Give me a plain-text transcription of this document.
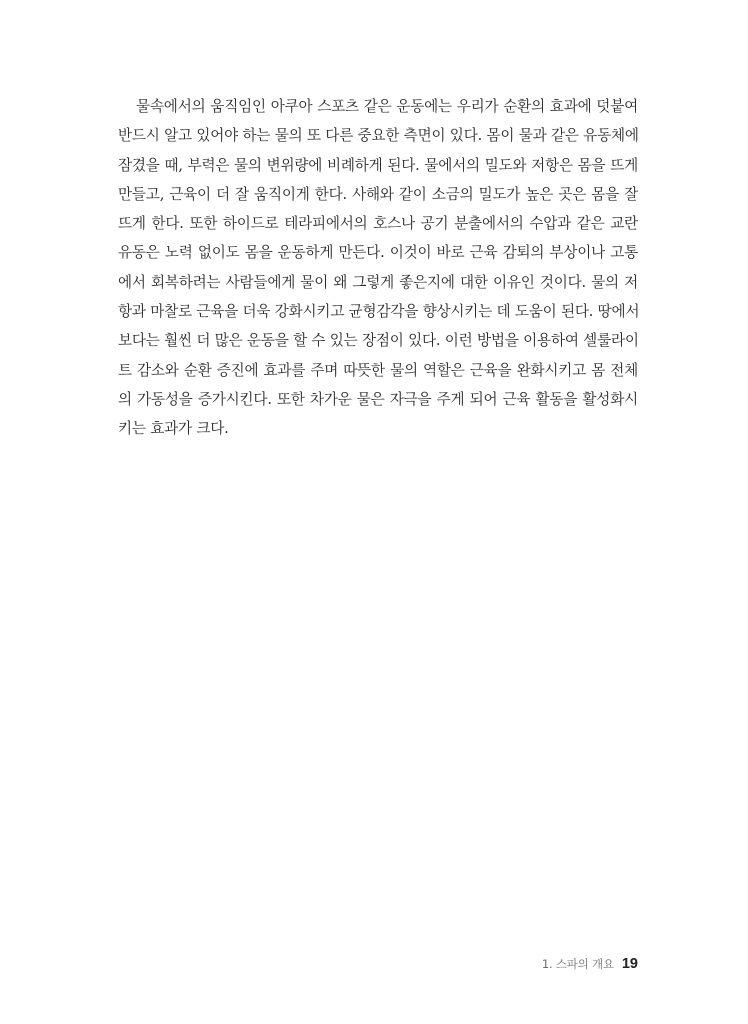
물속에서의 움직임인 아쿠아 스포츠 같은 운동에는 우리가 순환의 효과에 덧붙여
반드시 알고 있어야 하는 물의 또 다른 중요한 측면이 있다. 몸이 물과 같은 유동체에
잠겼을 때, 부력은 물의 변위량에 비례하게 된다. 물에서의 밀도와 저항은 몸을 뜨게
만들고, 근육이 더 잘 움직이게 한다. 사해와 같이 소금의 밀도가 높은 곳은 몸을 잘
뜨게 한다. 또한 하이드로 테라피에서의 호스나 공기 분출에서의 수압과 같은 교란
유동은 노력 없이도 몸을 운동하게 만든다. 이것이 바로 근육 감퇴의 부상이나 고통
에서 회복하려는 사람들에게 물이 왜 그렇게 좋은지에 대한 이유인 것이다. 물의 저
항과 마찰로 근육을 더욱 강화시키고 균형감각을 향상시키는 데 도움이 된다. 땅에서
보다는 훨씬 더 많은 운동을 할 수 있는 장점이 있다. 이런 방법을 이용하여 셀룰라이
트 감소와 순환 증진에 효과를 주며 따뜻한 물의 역할은 근육을 완화시키고 몸 전체
의 가동성을 증가시킨다. 또한 차가운 물은 자극을 주게 되어 근육 활동을 활성화시
키는 효과가 크다.
1. 스파의 개요 19
